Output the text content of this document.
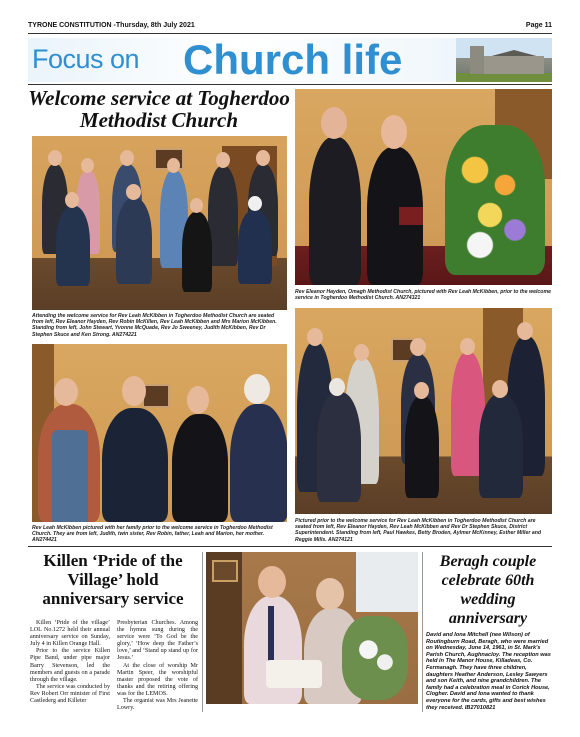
TYRONE CONSTITUTION -Thursday, 8th July 2021	Page 11
Focus on Church life
Welcome service at Togherdoo Methodist Church
Attending the welcome service for Rev Leah McKibben in Togherdoo Methodist Church are seated from left, Rev Eleanor Hayden, Rev Robin McKillen, Rev Leah McKibben and Mrs Marion McKibben. Standing from left, John Stewart, Yvonne McQuade, Rev Jo Sweeney, Judith McKibben, Rev Dr Stephen Skuce and Ken Strong. AN274221
Rev Eleanor Hayden, Omagh Methodist Church, pictured with Rev Leah McKibben, prior to the welcome service in Togherdoo Methodist Church. AN274321
Rev Leah McKibben pictured with her family prior to the welcome service in Togherdoo Methodist Church. They are from left, Judith, twin sister, Rev Robin, father, Leah and Marion, her mother. AN274421
Pictured prior to the welcome service for Rev Leah McKibben in Togherdoo Methodist Church are seated from left, Rev Eleanor Hayden, Rev Leah McKibben and Rev Dr Stephen Skuce, District Superintendent. Standing from left, Paul Hawkes, Betty Broden, Aylmer McKinney, Esther Miller and Reggie Mills. AN274121
Killen ‘Pride of the Village’ hold anniversary service

Killen ‘Pride of the village’ LOL No.1272 held their annual anniversary service on Sunday, July 4 in Killen Orange Hall.

Prior to the service Killen Pipe Band, under pipe major Barry Stevenson, led the members and guests on a parade through the village.

The service was conducted by Rev Robert Orr minister of First Castlederg and Killeter

Presbyterian Churches. Among the hymns sung during the service were ‘To God be the glory,’ ‘How deep the Father’s love,’ and ‘Stand up stand up for Jesus.’

At the close of worship Mr Martin Speer, the worshipful master proposed the vote of thanks and the retiring offering was for the LEMOS.

The organist was Mrs Jeanette Lowry.

Beragh couple celebrate 60th wedding anniversary
David and Iona Mitchell (nee Wilson) of Routingburn Road, Beragh, who were married on Wednesday, June 14, 1961, in St. Mark's Parish Church, Aughnacloy. The reception was held in The Manor House, Killadeas, Co. Fermanagh. They have three children, daughters Heather Anderson, Lesley Sawyers and son Keith, and nine grandchildren. The family had a celebration meal in Corick House, Clogher. David and Iona wanted to thank everyone for the cards, gifts and best wishes they received. IB27010821
